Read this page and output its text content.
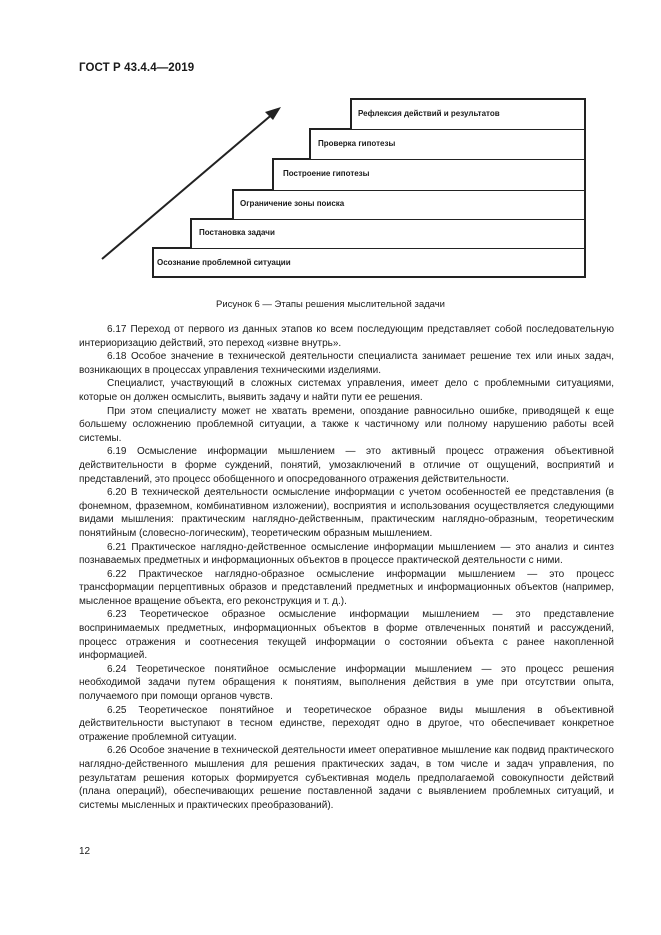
ГОСТ Р 43.4.4—2019
Осознание проблемной ситуации
Постановка задачи
Ограничение зоны поиска
Построение гипотезы
Проверка гипотезы
Рефлексия действий и результатов
Рисунок 6 — Этапы решения мыслительной задачи

6.17 Переход от первого из данных этапов ко всем последующим представляет собой последовательную интериоризацию действий, это переход «извне внутрь».

6.18 Особое значение в технической деятельности специалиста занимает решение тех или иных задач, возникающих в процессах управления техническими изделиями.

Специалист, участвующий в сложных системах управления, имеет дело с проблемными ситуациями, которые он должен осмыслить, выявить задачу и найти пути ее решения.

При этом специалисту может не хватать времени, опоздание равносильно ошибке, приводящей к еще большему осложнению проблемной ситуации, а также к частичному или полному нарушению работы всей системы.

6.19 Осмысление информации мышлением — это активный процесс отражения объективной действительности в форме суждений, понятий, умозаключений в отличие от ощущений, восприятий и представлений, это процесс обобщенного и опосредованного отражения действительности.

6.20 В технической деятельности осмысление информации с учетом особенностей ее представления (в фонемном, фраземном, комбинативном изложении), восприятия и использования осуществляется следующими видами мышления: практическим наглядно-действенным, практическим наглядно-образным, теоретическим понятийным (словесно-логическим), теоретическим образным мышлением.

6.21 Практическое наглядно-действенное осмысление информации мышлением — это анализ и синтез познаваемых предметных и информационных объектов в процессе практической деятельности с ними.

6.22 Практическое наглядно-образное осмысление информации мышлением — это процесс трансформации перцептивных образов и представлений предметных и информационных объектов (например, мысленное вращение объекта, его реконструкция и т. д.).

6.23 Теоретическое образное осмысление информации мышлением — это представление воспринимаемых предметных, информационных объектов в форме отвлеченных понятий и рассуждений, процесс отражения и соотнесения текущей информации о состоянии объекта с ранее накопленной информацией.

6.24 Теоретическое понятийное осмысление информации мышлением — это процесс решения необходимой задачи путем обращения к понятиям, выполнения действия в уме при отсутствии опыта, получаемого при помощи органов чувств.

6.25 Теоретическое понятийное и теоретическое образное виды мышления в объективной действительности выступают в тесном единстве, переходят одно в другое, что обеспечивает конкретное отражение проблемной ситуации.

6.26 Особое значение в технической деятельности имеет оперативное мышление как подвид практического наглядно-действенного мышления для решения практических задач, в том числе и задач управления, по результатам решения которых формируется субъективная модель предполагаемой совокупности действий (плана операций), обеспечивающих решение поставленной задачи с выявлением проблемных ситуаций, и системы мысленных и практических преобразований).

12
